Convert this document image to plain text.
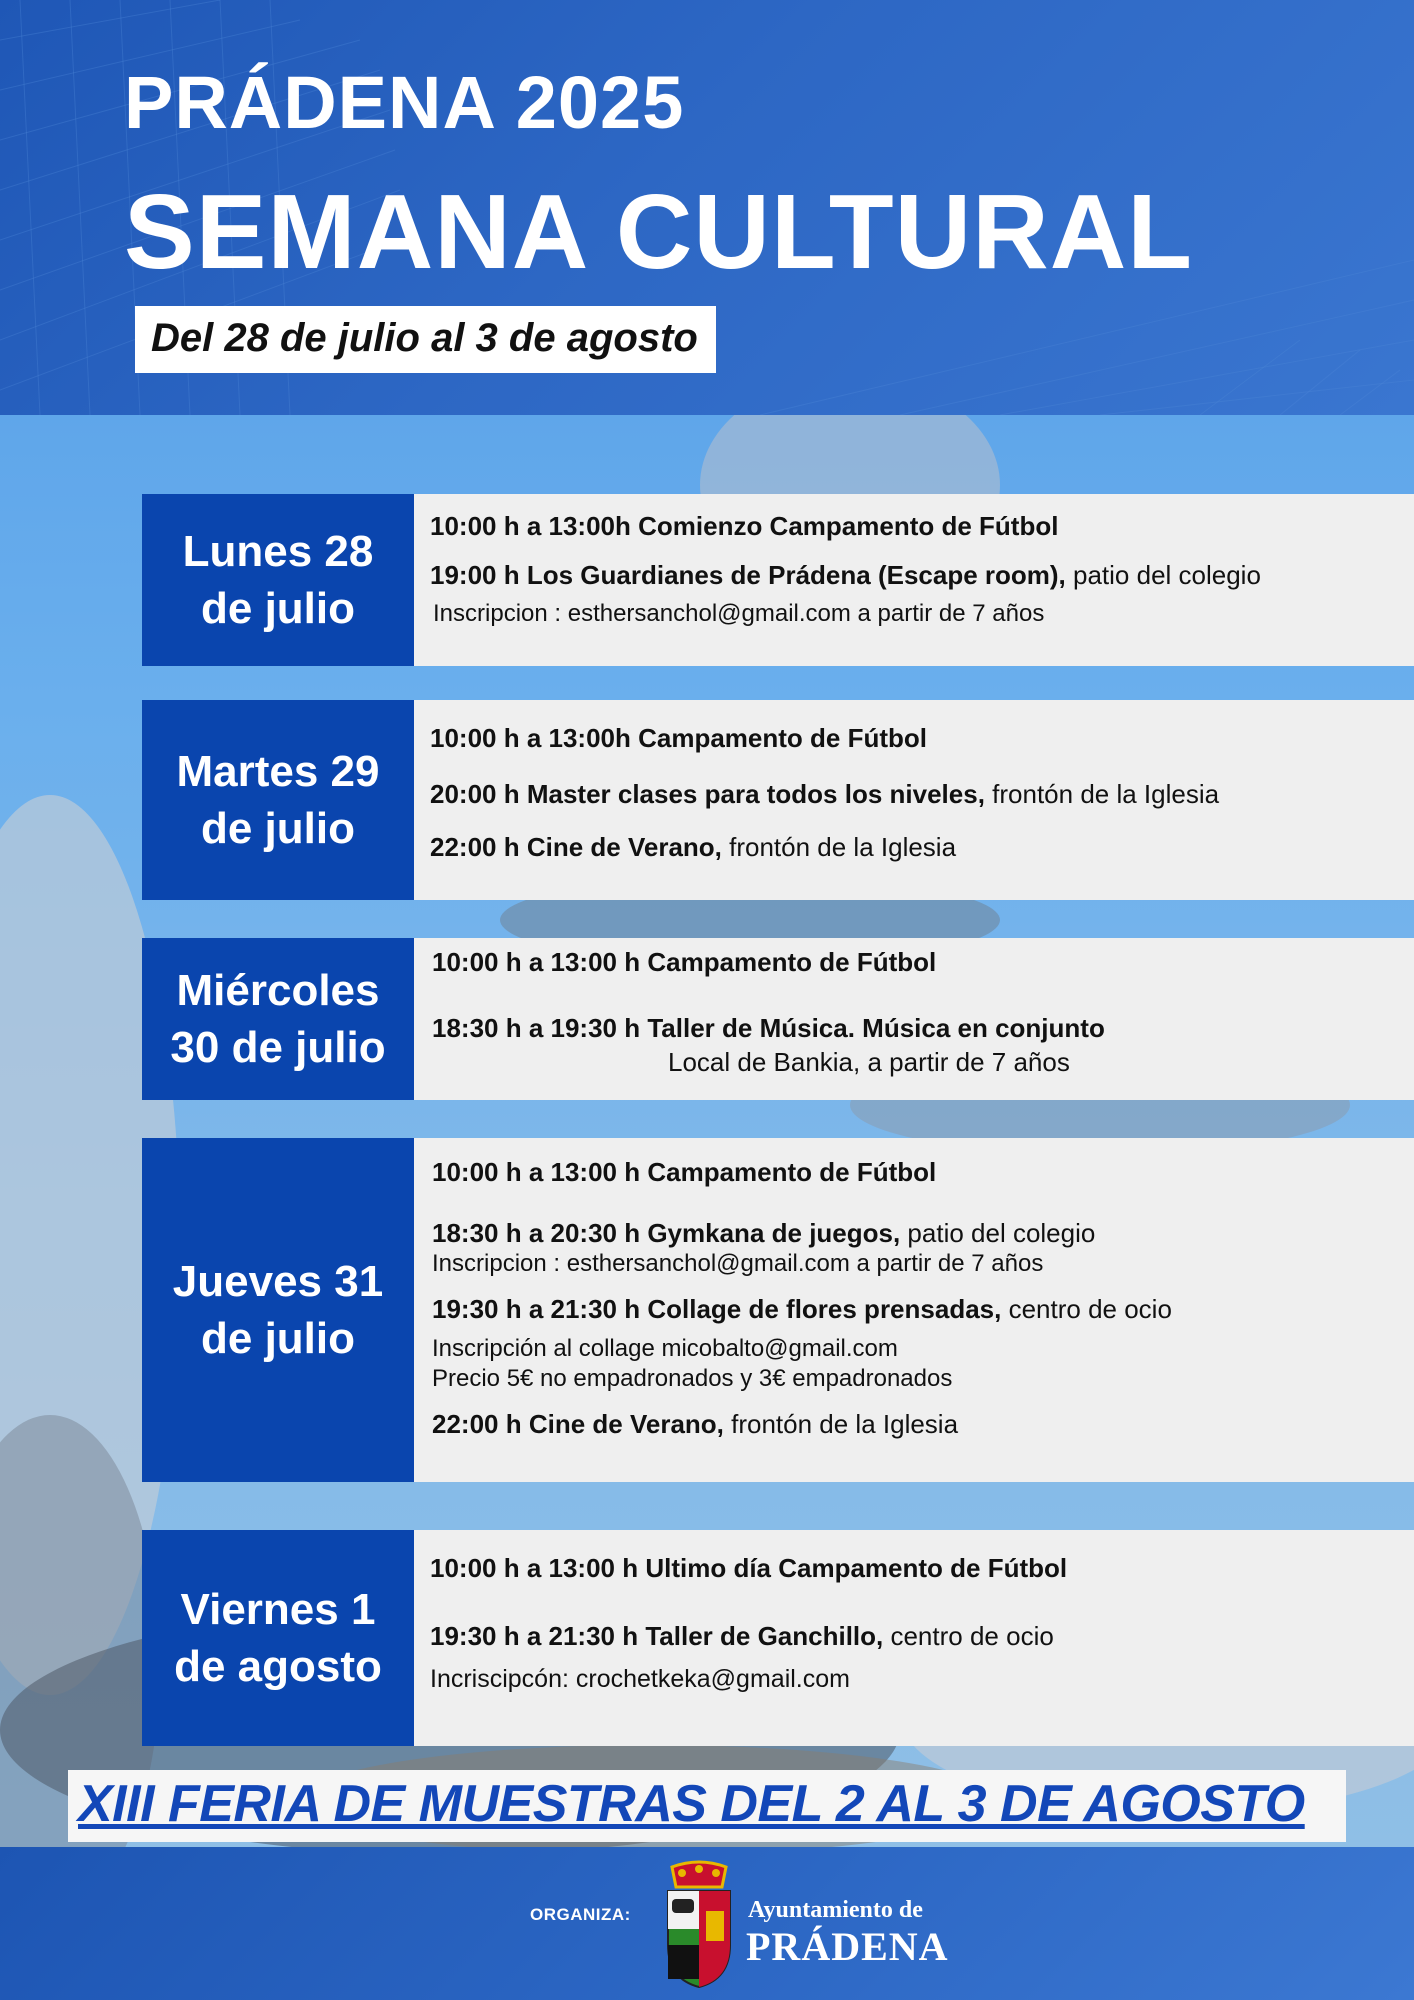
PRÁDENA 2025
SEMANA CULTURAL
Del 28 de julio al 3 de agosto
Lunes 28
de julio
10:00 h a 13:00h Comienzo Campamento de Fútbol
19:00 h Los Guardianes de Prádena (Escape room), patio del colegio
Inscripcion : esthersanchol@gmail.com a partir de 7 años
Martes 29
de julio
10:00 h a 13:00h Campamento de Fútbol
20:00 h Master clases para todos los niveles, frontón de la Iglesia
22:00 h Cine de Verano, frontón de la Iglesia
Miércoles
30 de julio
10:00 h a 13:00 h Campamento de Fútbol
18:30 h a 19:30 h Taller de Música. Música en conjunto
Local de Bankia, a partir de 7 años
Jueves 31
de julio
10:00 h a 13:00 h Campamento de Fútbol
18:30 h a 20:30 h Gymkana de juegos, patio del colegio
Inscripcion : esthersanchol@gmail.com a partir de 7 años
19:30 h a 21:30 h Collage de flores prensadas, centro de ocio
Inscripción al collage micobalto@gmail.com
Precio 5€ no empadronados y 3€ empadronados
22:00 h Cine de Verano, frontón de la Iglesia
Viernes 1
de agosto
10:00 h a 13:00 h Ultimo día Campamento de Fútbol
19:30 h a 21:30 h Taller de Ganchillo, centro de ocio
Incriscipcón: crochetkeka@gmail.com
XIII FERIA DE MUESTRAS DEL 2 AL 3 DE AGOSTO
ORGANIZA:	Ayuntamiento de
PRÁDENA
